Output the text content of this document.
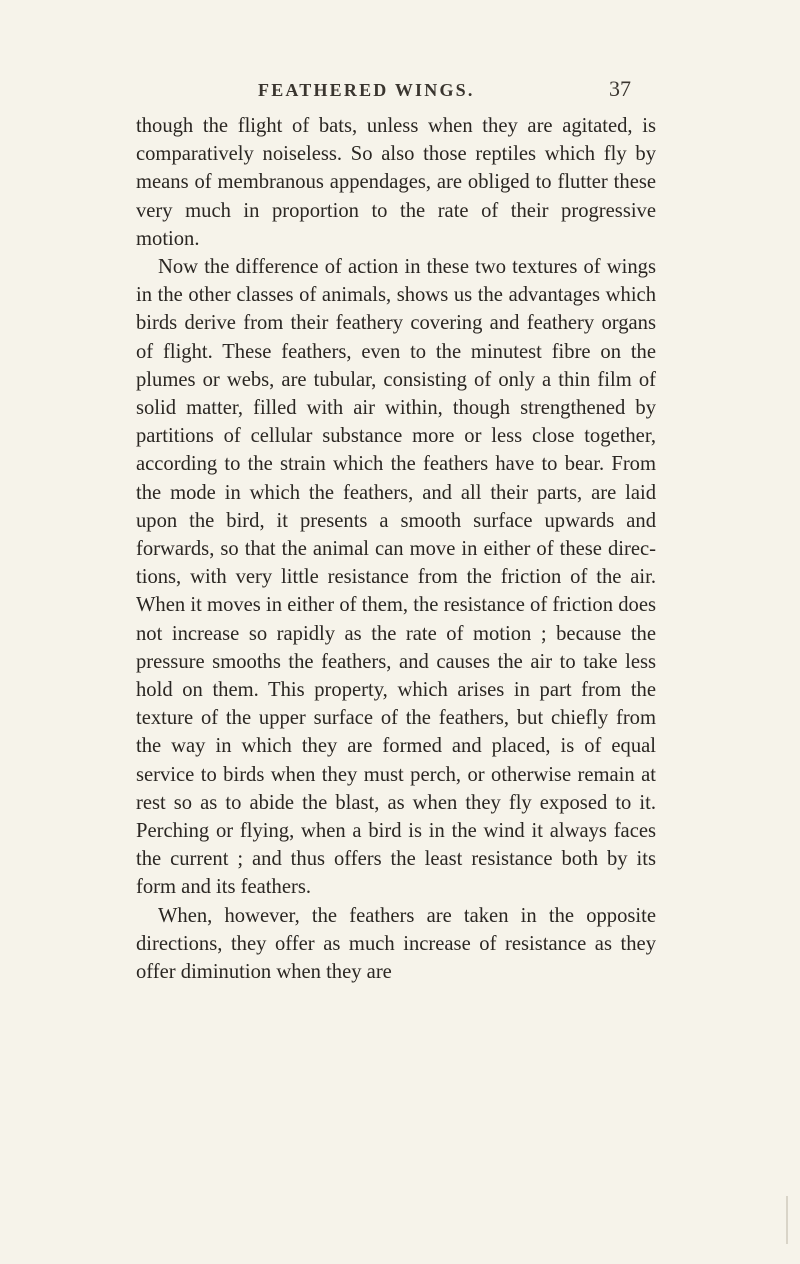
FEATHERED WINGS.	37

though the flight of bats, unless when they are agitated, is comparatively noiseless. So also those reptiles which fly by means of membranous appendages, are obliged to flutter these very much in proportion to the rate of their progressive motion.

Now the difference of action in these two textures of wings in the other classes of animals, shows us the advantages which birds derive from their feathery covering and feathery organs of flight. These feathers, even to the minutest fibre on the plumes or webs, are tubular, consisting of only a thin film of solid matter, filled with air within, though strengthened by partitions of cellular substance more or less close together, according to the strain which the feathers have to bear. From the mode in which the feathers, and all their parts, are laid upon the bird, it presents a smooth surface upwards and forwards, so that the animal can move in either of these directions, with very little resistance from the friction of the air. When it moves in either of them, the resistance of friction does not increase so rapidly as the rate of motion ; because the pressure smooths the feathers, and causes the air to take less hold on them. This property, which arises in part from the texture of the upper surface of the feathers, but chiefly from the way in which they are formed and placed, is of equal service to birds when they must perch, or otherwise remain at rest so as to abide the blast, as when they fly exposed to it. Perching or flying, when a bird is in the wind it always faces the current ; and thus offers the least resistance both by its form and its feathers.

When, however, the feathers are taken in the opposite directions, they offer as much increase of resistance as they offer diminution when they are
